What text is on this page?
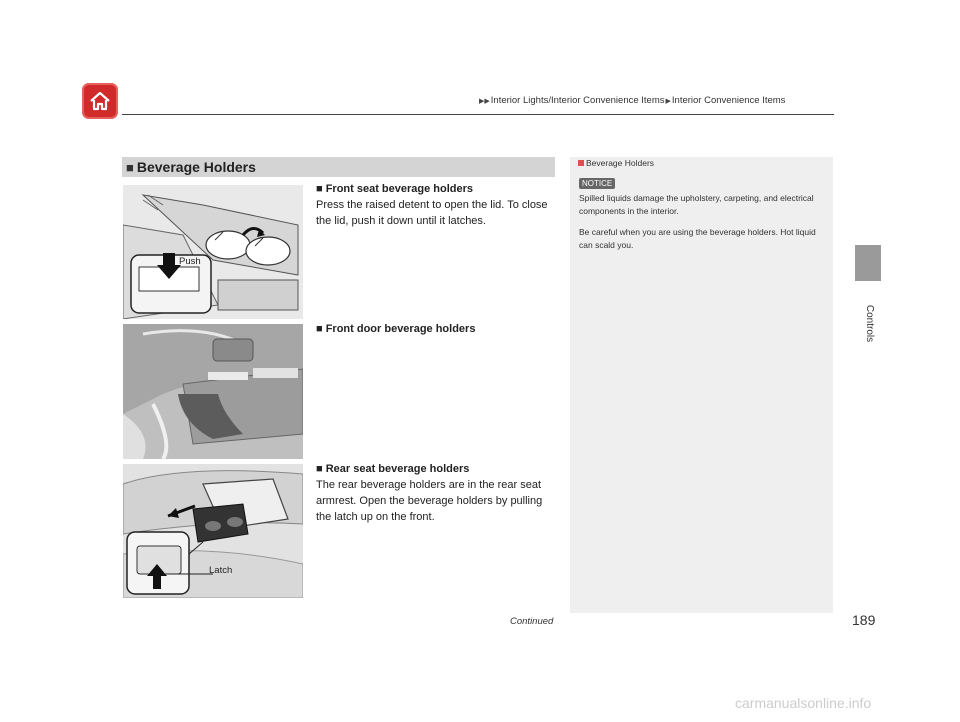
▶▶Interior Lights/Interior Convenience Items▶Interior Convenience Items
Controls
■ Beverage Holders
Push
Latch
■ Front seat beverage holders
Press the raised detent to open the lid. To close the lid, push it down until it latches.
■ Front door beverage holders
■ Rear seat beverage holders
The rear beverage holders are in the rear seat armrest. Open the beverage holders by pulling the latch up on the front.
Beverage Holders
NOTICE

Spilled liquids damage the upholstery, carpeting, and electrical components in the interior.

Be careful when you are using the beverage holders. Hot liquid can scald you.

Continued	189
carmanualsonline.info
